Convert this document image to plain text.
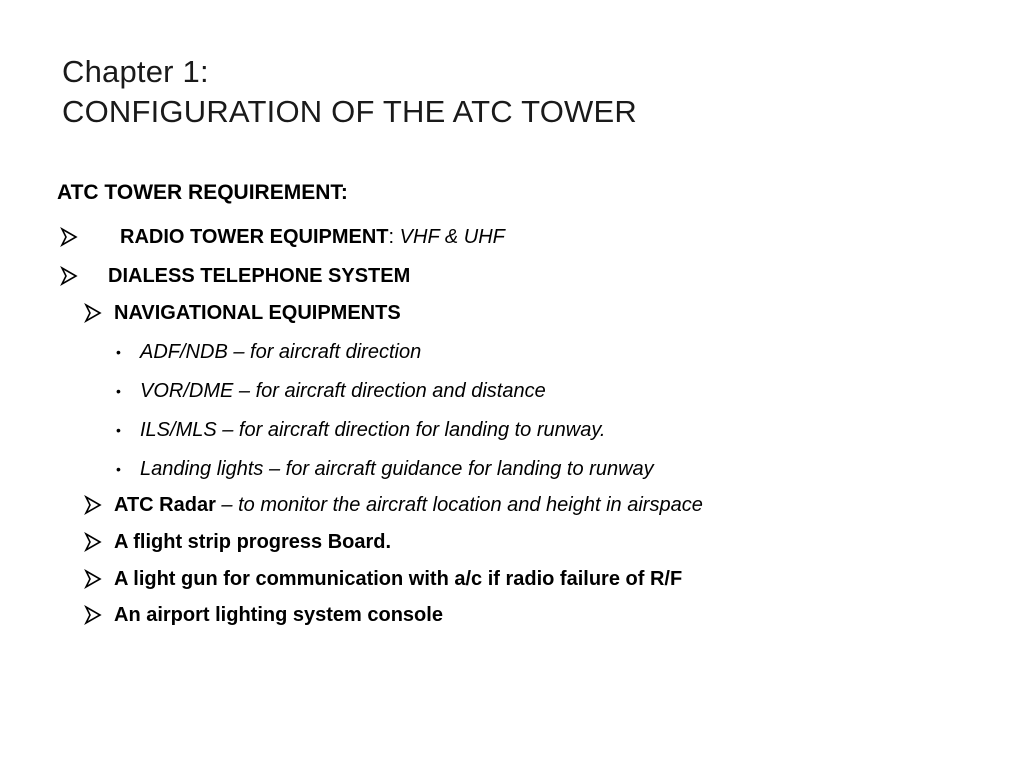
Chapter 1:
CONFIGURATION OF THE ATC TOWER
ATC TOWER REQUIREMENT:
RADIO TOWER EQUIPMENT: VHF & UHF
DIALESS TELEPHONE SYSTEM
NAVIGATIONAL EQUIPMENTS
• ADF/NDB – for aircraft direction
• VOR/DME – for aircraft direction and distance
• ILS/MLS – for aircraft direction for landing to runway.
• Landing lights – for aircraft guidance for landing to runway
ATC Radar – to monitor the aircraft location and height in airspace
A flight strip progress Board.
A light gun for communication with a/c if radio failure of R/F
An airport lighting system console
